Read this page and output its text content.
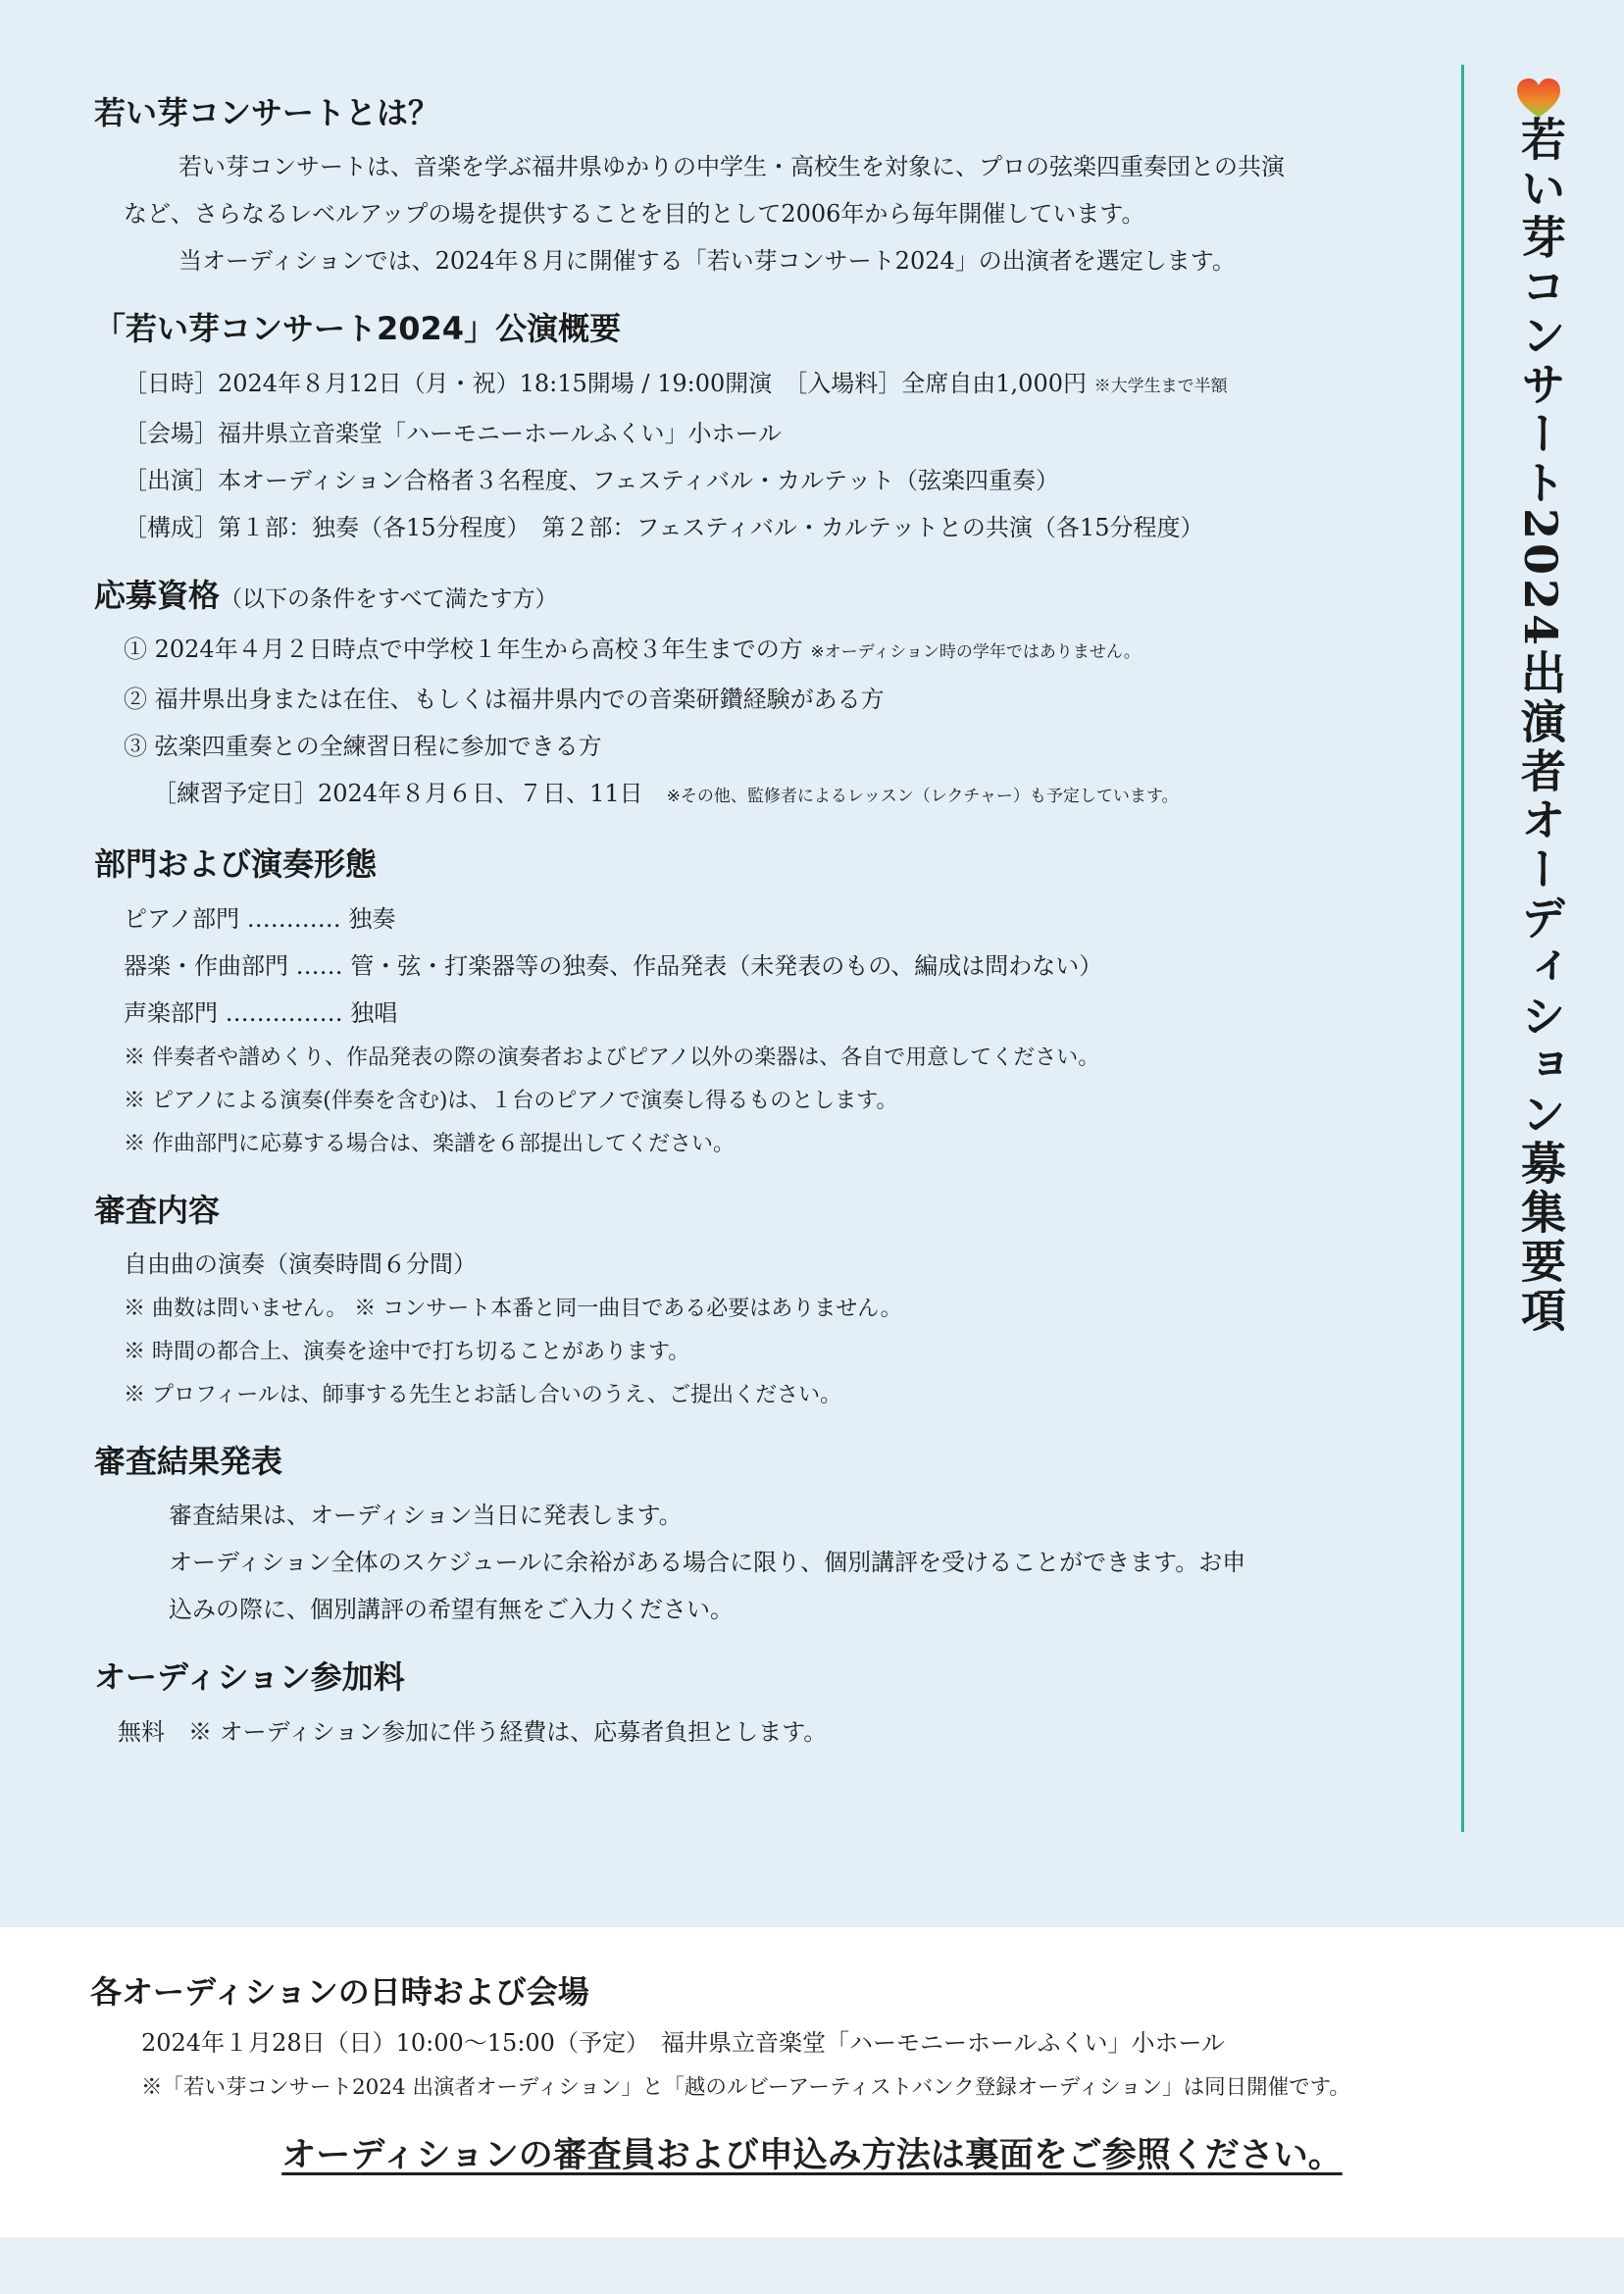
若い芽コンサート2024出演者オーディション募集要項
若い芽コンサートとは？
若い芽コンサートは、音楽を学ぶ福井県ゆかりの中学生・高校生を対象に、プロの弦楽四重奏団との共演
など、さらなるレベルアップの場を提供することを目的として2006年から毎年開催しています。
当オーディションでは、2024年８月に開催する「若い芽コンサート2024」の出演者を選定します。
「若い芽コンサート2024」公演概要
［日時］2024年８月12日（月・祝）18:15開場 / 19:00開演　［入場料］全席自由1,000円 ※大学生まで半額
［会場］福井県立音楽堂「ハーモニーホールふくい」小ホール
［出演］本オーディション合格者３名程度、フェスティバル・カルテット（弦楽四重奏）
［構成］第１部：独奏（各15分程度）　第２部：フェスティバル・カルテットとの共演（各15分程度）
応募資格（以下の条件をすべて満たす方）
① 2024年４月２日時点で中学校１年生から高校３年生までの方 ※オーディション時の学年ではありません。
② 福井県出身または在住、もしくは福井県内での音楽研鑽経験がある方
③ 弦楽四重奏との全練習日程に参加できる方
［練習予定日］2024年８月６日、７日、11日　※その他、監修者によるレッスン（レクチャー）も予定しています。
部門および演奏形態
ピアノ部門 ………… 独奏
器楽・作曲部門 …… 管・弦・打楽器等の独奏、作品発表（未発表のもの、編成は問わない）
声楽部門 …………… 独唱
※ 伴奏者や譜めくり、作品発表の際の演奏者およびピアノ以外の楽器は、各自で用意してください。
※ ピアノによる演奏(伴奏を含む)は、１台のピアノで演奏し得るものとします。
※ 作曲部門に応募する場合は、楽譜を６部提出してください。
審査内容
自由曲の演奏（演奏時間６分間）
※ 曲数は問いません。 ※ コンサート本番と同一曲目である必要はありません。
※ 時間の都合上、演奏を途中で打ち切ることがあります。
※ プロフィールは、師事する先生とお話し合いのうえ、ご提出ください。
審査結果発表
審査結果は、オーディション当日に発表します。
オーディション全体のスケジュールに余裕がある場合に限り、個別講評を受けることができます。お申
込みの際に、個別講評の希望有無をご入力ください。
オーディション参加料
無料　※ オーディション参加に伴う経費は、応募者負担とします。
各オーディションの日時および会場
2024年１月28日（日）10:00〜15:00（予定）　福井県立音楽堂「ハーモニーホールふくい」小ホール
※「若い芽コンサート2024 出演者オーディション」と「越のルビーアーティストバンク登録オーディション」は同日開催です。
オーディションの審査員および申込み方法は裏面をご参照ください。
